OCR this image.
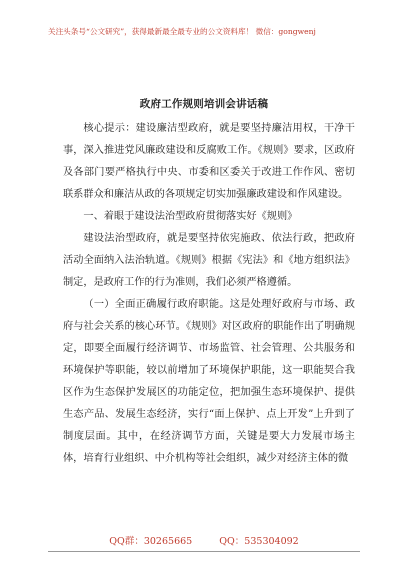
关注头条号“公文研究”，获得最新最全最专业的公文资料库！ 微信：gongwenj
政府工作规则培训会讲话稿

核心提示：建设廉洁型政府，就是要坚持廉洁用权，干净干事，深入推进党风廉政建设和反腐败工作。《规则》要求，区政府及各部门要严格执行中央、市委和区委关于改进工作作风、密切联系群众和廉洁从政的各项规定切实加强廉政建设和作风建设。

一、着眼于建设法治型政府贯彻落实好《规则》

建设法治型政府，就是要坚持依宪施政、依法行政，把政府活动全面纳入法治轨道。《规则》根据《宪法》和《地方组织法》制定，是政府工作的行为准则，我们必须严格遵循。

（一）全面正确履行政府职能。这是处理好政府与市场、政府与社会关系的核心环节。《规则》对区政府的职能作出了明确规定，即要全面履行经济调节、市场监管、社会管理、公共服务和环境保护等职能，较以前增加了环境保护职能，这一职能契合我区作为生态保护发展区的功能定位，把加强生态环境保护、提供生态产品、发展生态经济，实行“面上保护、点上开发”上升到了制度层面。其中，在经济调节方面，关键是要大力发展市场主体，培育行业组织、中介机构等社会组织，减少对经济主体的微

QQ群：30265665	QQ：535304092
